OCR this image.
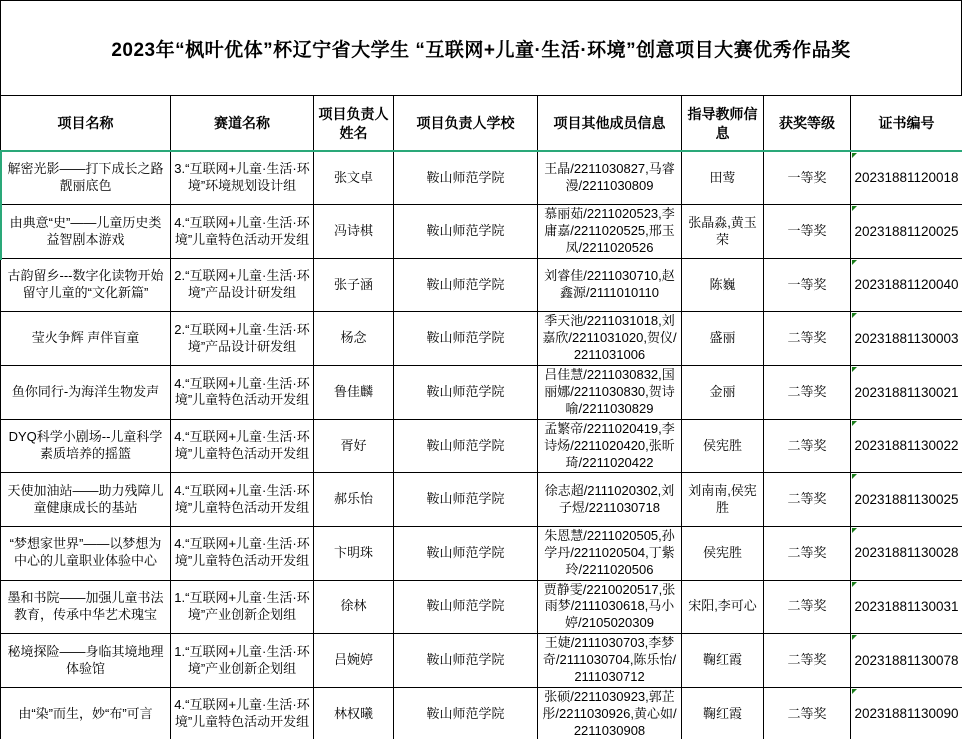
2023年“枫叶优体”杯辽宁省大学生 “互联网+儿童·生活·环境”创意项目大赛优秀作品奖
项目名称	赛道名称	项目负责人姓名	项目负责人学校	项目其他成员信息	指导教师信息	获奖等级	证书编号
解密光影——打下成长之路靓丽底色	3.“互联网+儿童·生活·环境”环境规划设计组	张文卓	鞍山师范学院	王晶/2211030827,马睿漫/2211030809	田莺	一等奖	20231881120018
由典意“史”——儿童历史类益智剧本游戏	4.“互联网+儿童·生活·环境”儿童特色活动开发组	冯诗棋	鞍山师范学院	慕丽茹/2211020523,李庸嘉/2211020525,邢玉凤/2211020526	张晶淼,黄玉荣	一等奖	20231881120025
古韵留乡---数字化读物开始留守儿童的“文化新篇”	2.“互联网+儿童·生活·环境”产品设计研发组	张子涵	鞍山师范学院	刘睿佳/2211030710,赵鑫源/2111010110	陈巍	一等奖	20231881120040
莹火争辉 声伴盲童	2.“互联网+儿童·生活·环境”产品设计研发组	杨念	鞍山师范学院	季天池/2211031018,刘嘉欣/2211031020,贺仪/2211031006	盛丽	二等奖	20231881130003
鱼你同行-为海洋生物发声	4.“互联网+儿童·生活·环境”儿童特色活动开发组	鲁佳麟	鞍山师范学院	吕佳慧/2211030832,国丽娜/2211030830,贺诗喻/2211030829	金丽	二等奖	20231881130021
DYQ科学小剧场--儿童科学素质培养的摇篮	4.“互联网+儿童·生活·环境”儿童特色活动开发组	胥好	鞍山师范学院	孟繁帝/2211020419,李诗炀/2211020420,张昕琦/2211020422	侯宪胜	二等奖	20231881130022
天使加油站——助力残障儿童健康成长的基站	4.“互联网+儿童·生活·环境”儿童特色活动开发组	郝乐怡	鞍山师范学院	徐志超/2111020302,刘子煜/2211030718	刘南南,侯宪胜	二等奖	20231881130025
“梦想家世界”——以梦想为中心的儿童职业体验中心	4.“互联网+儿童·生活·环境”儿童特色活动开发组	卞明珠	鞍山师范学院	朱恩慧/2211020505,孙学丹/2211020504,丁紫玲/2211020506	侯宪胜	二等奖	20231881130028
墨和书院——加强儿童书法教育，传承中华艺术瑰宝	1.“互联网+儿童·生活·环境”产业创新企划组	徐林	鞍山师范学院	贾静雯/2210020517,张雨梦/2111030618,马小婷/2105020309	宋阳,李可心	二等奖	20231881130031
秘境探险——身临其境地理体验馆	1.“互联网+儿童·生活·环境”产业创新企划组	吕婉婷	鞍山师范学院	王婕/2111030703,李梦奇/2111030704,陈乐怡/2111030712	鞠红霞	二等奖	20231881130078
由“染”而生，妙“布”可言	4.“互联网+儿童·生活·环境”儿童特色活动开发组	林权曦	鞍山师范学院	张硕/2211030923,郭芷彤/2211030926,黄心如/2211030908	鞠红霞	二等奖	20231881130090
